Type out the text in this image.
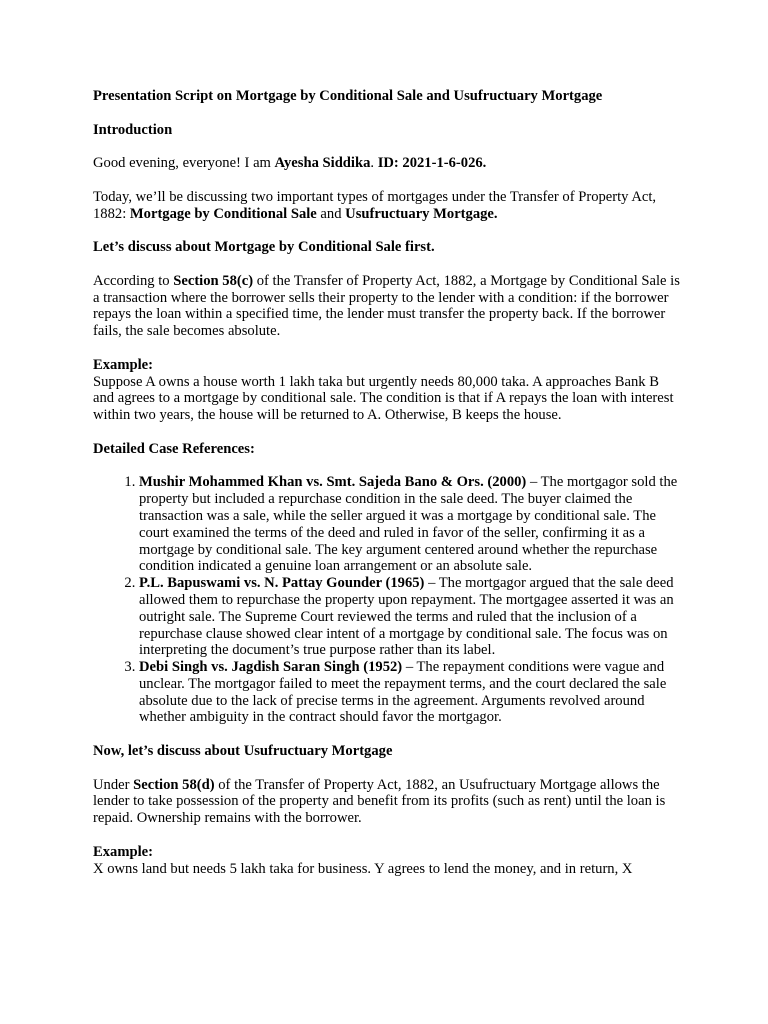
Presentation Script on Mortgage by Conditional Sale and Usufructuary Mortgage

Introduction

Good evening, everyone! I am Ayesha Siddika. ID: 2021-1-6-026.

Today, we’ll be discussing two important types of mortgages under the Transfer of Property Act, 1882: Mortgage by Conditional Sale and Usufructuary Mortgage.

Let’s discuss about Mortgage by Conditional Sale first.

According to Section 58(c) of the Transfer of Property Act, 1882, a Mortgage by Conditional Sale is a transaction where the borrower sells their property to the lender with a condition: if the borrower repays the loan within a specified time, the lender must transfer the property back. If the borrower fails, the sale becomes absolute.

Example:

Suppose A owns a house worth 1 lakh taka but urgently needs 80,000 taka. A approaches Bank B and agrees to a mortgage by conditional sale. The condition is that if A repays the loan with interest within two years, the house will be returned to A. Otherwise, B keeps the house.

Detailed Case References:

1. Mushir Mohammed Khan vs. Smt. Sajeda Bano & Ors. (2000) – The mortgagor sold the property but included a repurchase condition in the sale deed. The buyer claimed the transaction was a sale, while the seller argued it was a mortgage by conditional sale. The court examined the terms of the deed and ruled in favor of the seller, confirming it as a mortgage by conditional sale. The key argument centered around whether the repurchase condition indicated a genuine loan arrangement or an absolute sale.
2. P.L. Bapuswami vs. N. Pattay Gounder (1965) – The mortgagor argued that the sale deed allowed them to repurchase the property upon repayment. The mortgagee asserted it was an outright sale. The Supreme Court reviewed the terms and ruled that the inclusion of a repurchase clause showed clear intent of a mortgage by conditional sale. The focus was on interpreting the document’s true purpose rather than its label.
3. Debi Singh vs. Jagdish Saran Singh (1952) – The repayment conditions were vague and unclear. The mortgagor failed to meet the repayment terms, and the court declared the sale absolute due to the lack of precise terms in the agreement. Arguments revolved around whether ambiguity in the contract should favor the mortgagor.

Now, let’s discuss about Usufructuary Mortgage

Under Section 58(d) of the Transfer of Property Act, 1882, an Usufructuary Mortgage allows the lender to take possession of the property and benefit from its profits (such as rent) until the loan is repaid. Ownership remains with the borrower.

Example:

X owns land but needs 5 lakh taka for business. Y agrees to lend the money, and in return, X
